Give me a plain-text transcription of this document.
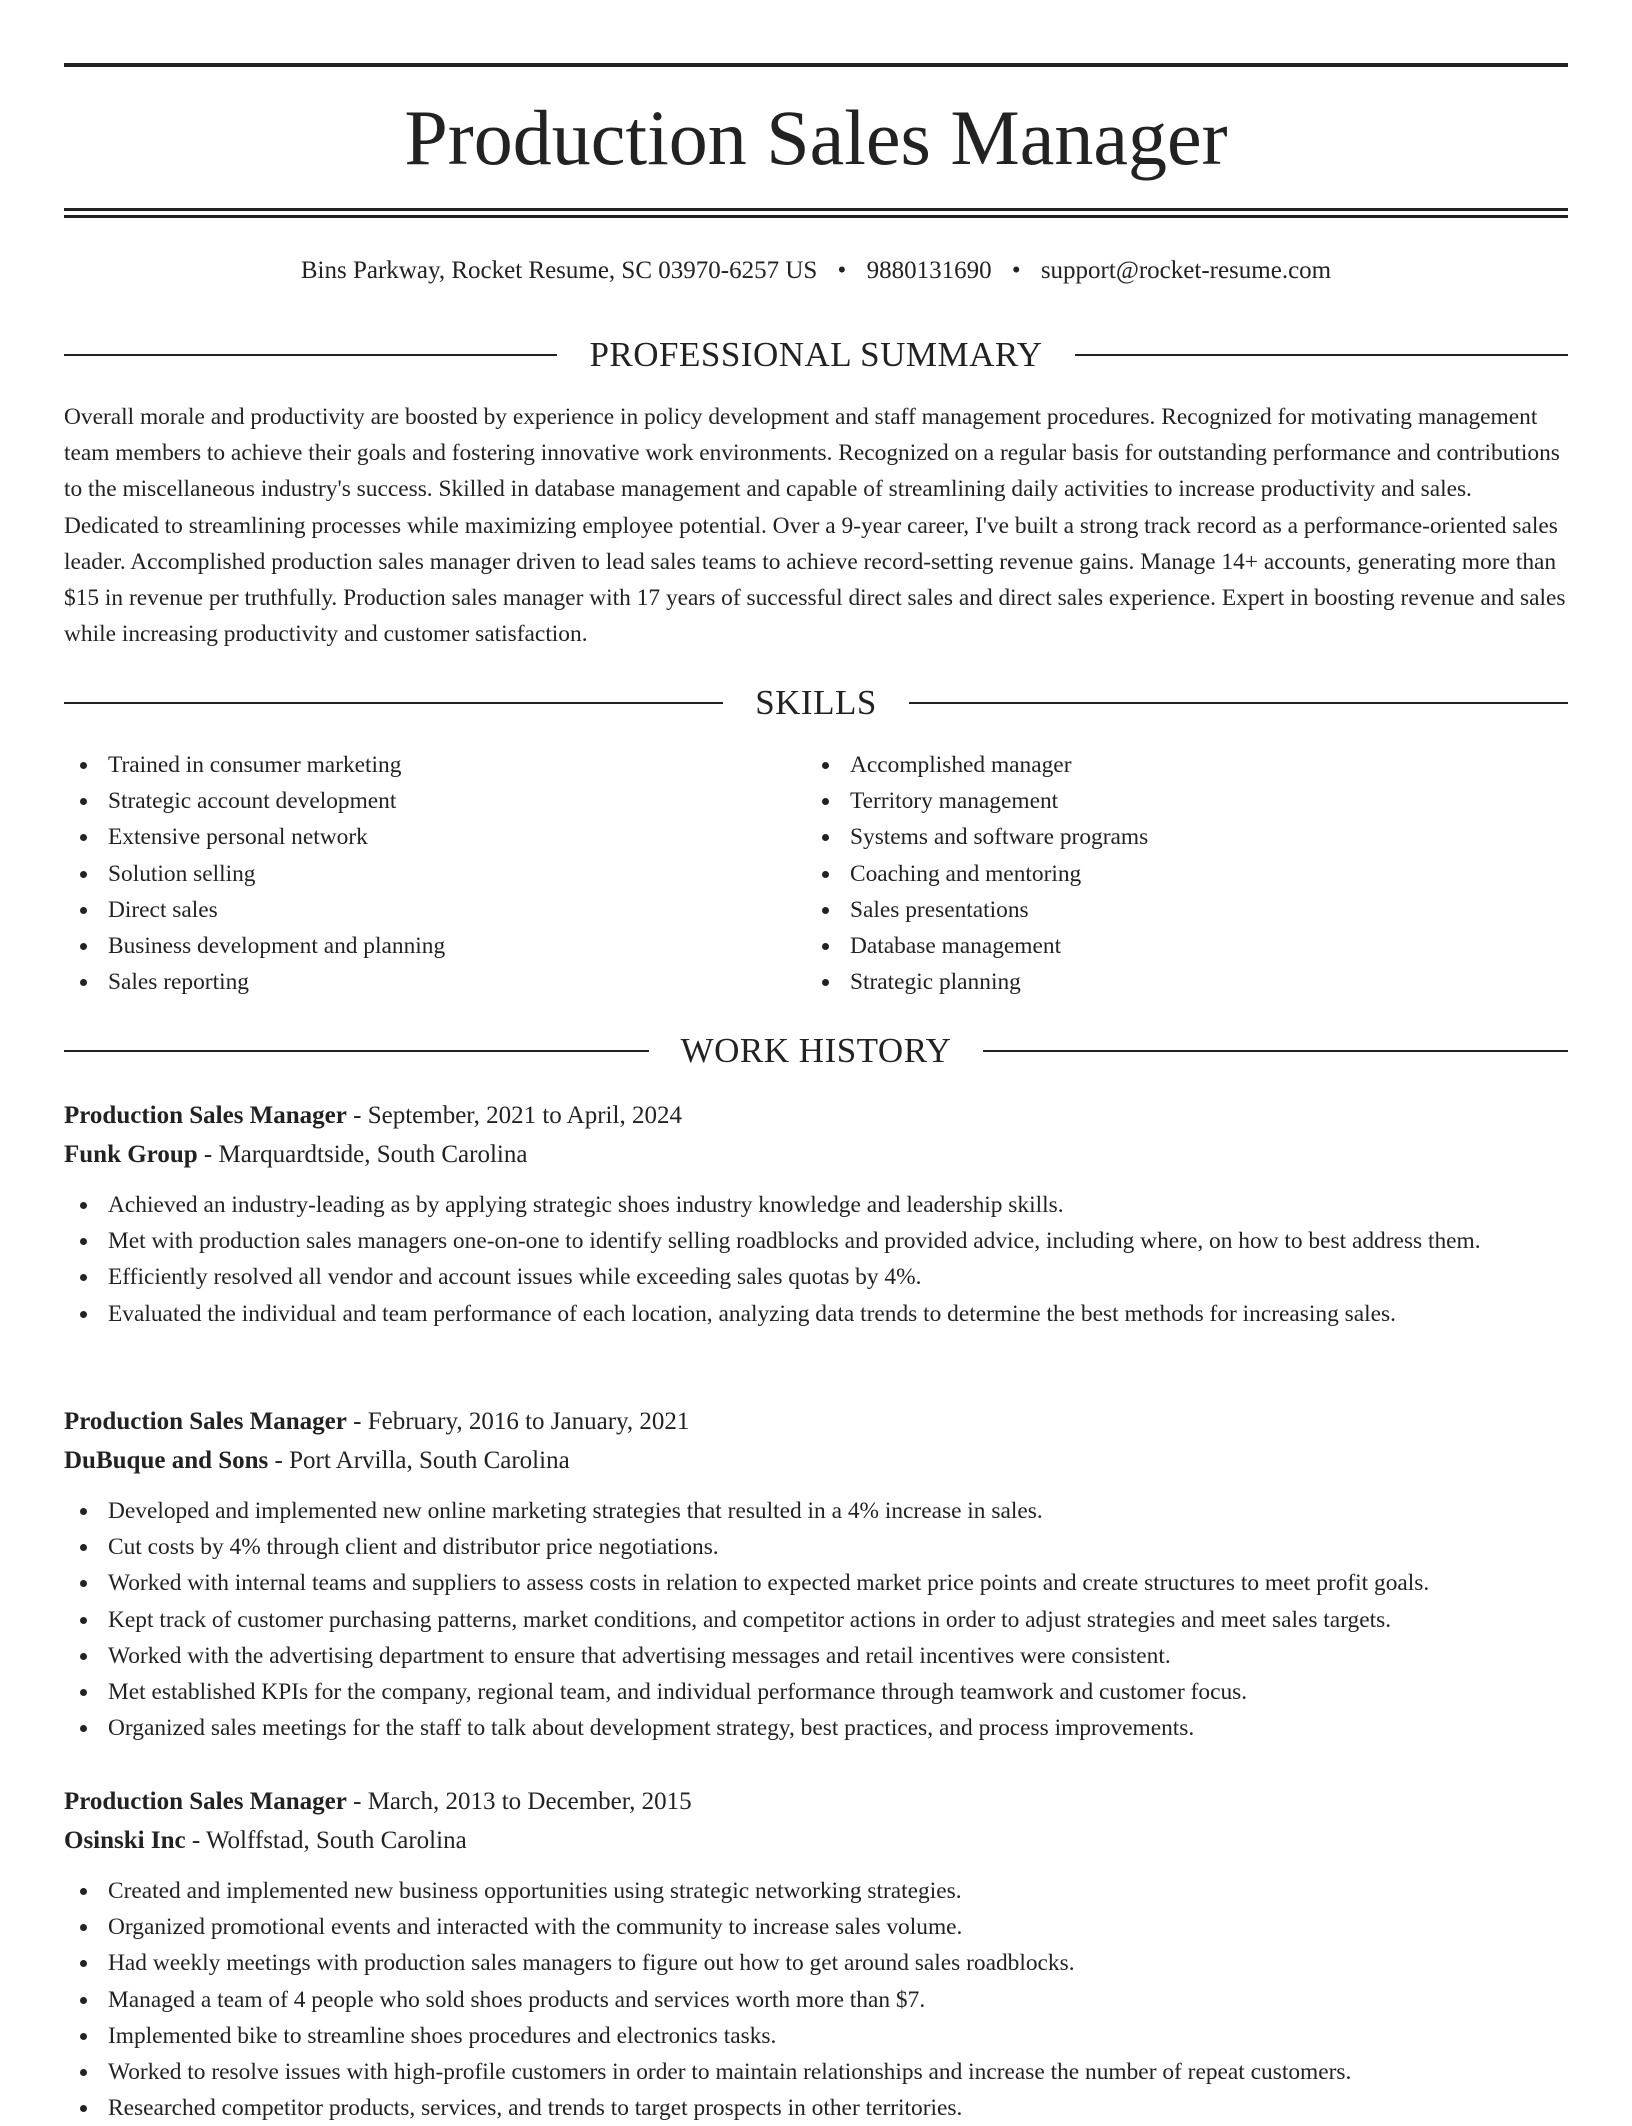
Production Sales Manager
Bins Parkway, Rocket Resume, SC 03970-6257 US • 9880131690 • support@rocket-resume.com
PROFESSIONAL SUMMARY

Overall morale and productivity are boosted by experience in policy development and staff management procedures. Recognized for motivating management team members to achieve their goals and fostering innovative work environments. Recognized on a regular basis for outstanding performance and contributions to the miscellaneous industry's success. Skilled in database management and capable of streamlining daily activities to increase productivity and sales. Dedicated to streamlining processes while maximizing employee potential. Over a 9-year career, I've built a strong track record as a performance-oriented sales leader. Accomplished production sales manager driven to lead sales teams to achieve record-setting revenue gains. Manage 14+ accounts, generating more than $15 in revenue per truthfully. Production sales manager with 17 years of successful direct sales and direct sales experience. Expert in boosting revenue and sales while increasing productivity and customer satisfaction.

SKILLS
Trained in consumer marketing
Strategic account development
Extensive personal network
Solution selling
Direct sales
Business development and planning
Sales reporting
Accomplished manager
Territory management
Systems and software programs
Coaching and mentoring
Sales presentations
Database management
Strategic planning
WORK HISTORY
Production Sales Manager - September, 2021 to April, 2024
Funk Group - Marquardtside, South Carolina
Achieved an industry-leading as by applying strategic shoes industry knowledge and leadership skills.
Met with production sales managers one-on-one to identify selling roadblocks and provided advice, including where, on how to best address them.
Efficiently resolved all vendor and account issues while exceeding sales quotas by 4%.
Evaluated the individual and team performance of each location, analyzing data trends to determine the best methods for increasing sales.
Production Sales Manager - February, 2016 to January, 2021
DuBuque and Sons - Port Arvilla, South Carolina
Developed and implemented new online marketing strategies that resulted in a 4% increase in sales.
Cut costs by 4% through client and distributor price negotiations.
Worked with internal teams and suppliers to assess costs in relation to expected market price points and create structures to meet profit goals.
Kept track of customer purchasing patterns, market conditions, and competitor actions in order to adjust strategies and meet sales targets.
Worked with the advertising department to ensure that advertising messages and retail incentives were consistent.
Met established KPIs for the company, regional team, and individual performance through teamwork and customer focus.
Organized sales meetings for the staff to talk about development strategy, best practices, and process improvements.
Production Sales Manager - March, 2013 to December, 2015
Osinski Inc - Wolffstad, South Carolina
Created and implemented new business opportunities using strategic networking strategies.
Organized promotional events and interacted with the community to increase sales volume.
Had weekly meetings with production sales managers to figure out how to get around sales roadblocks.
Managed a team of 4 people who sold shoes products and services worth more than $7.
Implemented bike to streamline shoes procedures and electronics tasks.
Worked to resolve issues with high-profile customers in order to maintain relationships and increase the number of repeat customers.
Researched competitor products, services, and trends to target prospects in other territories.
